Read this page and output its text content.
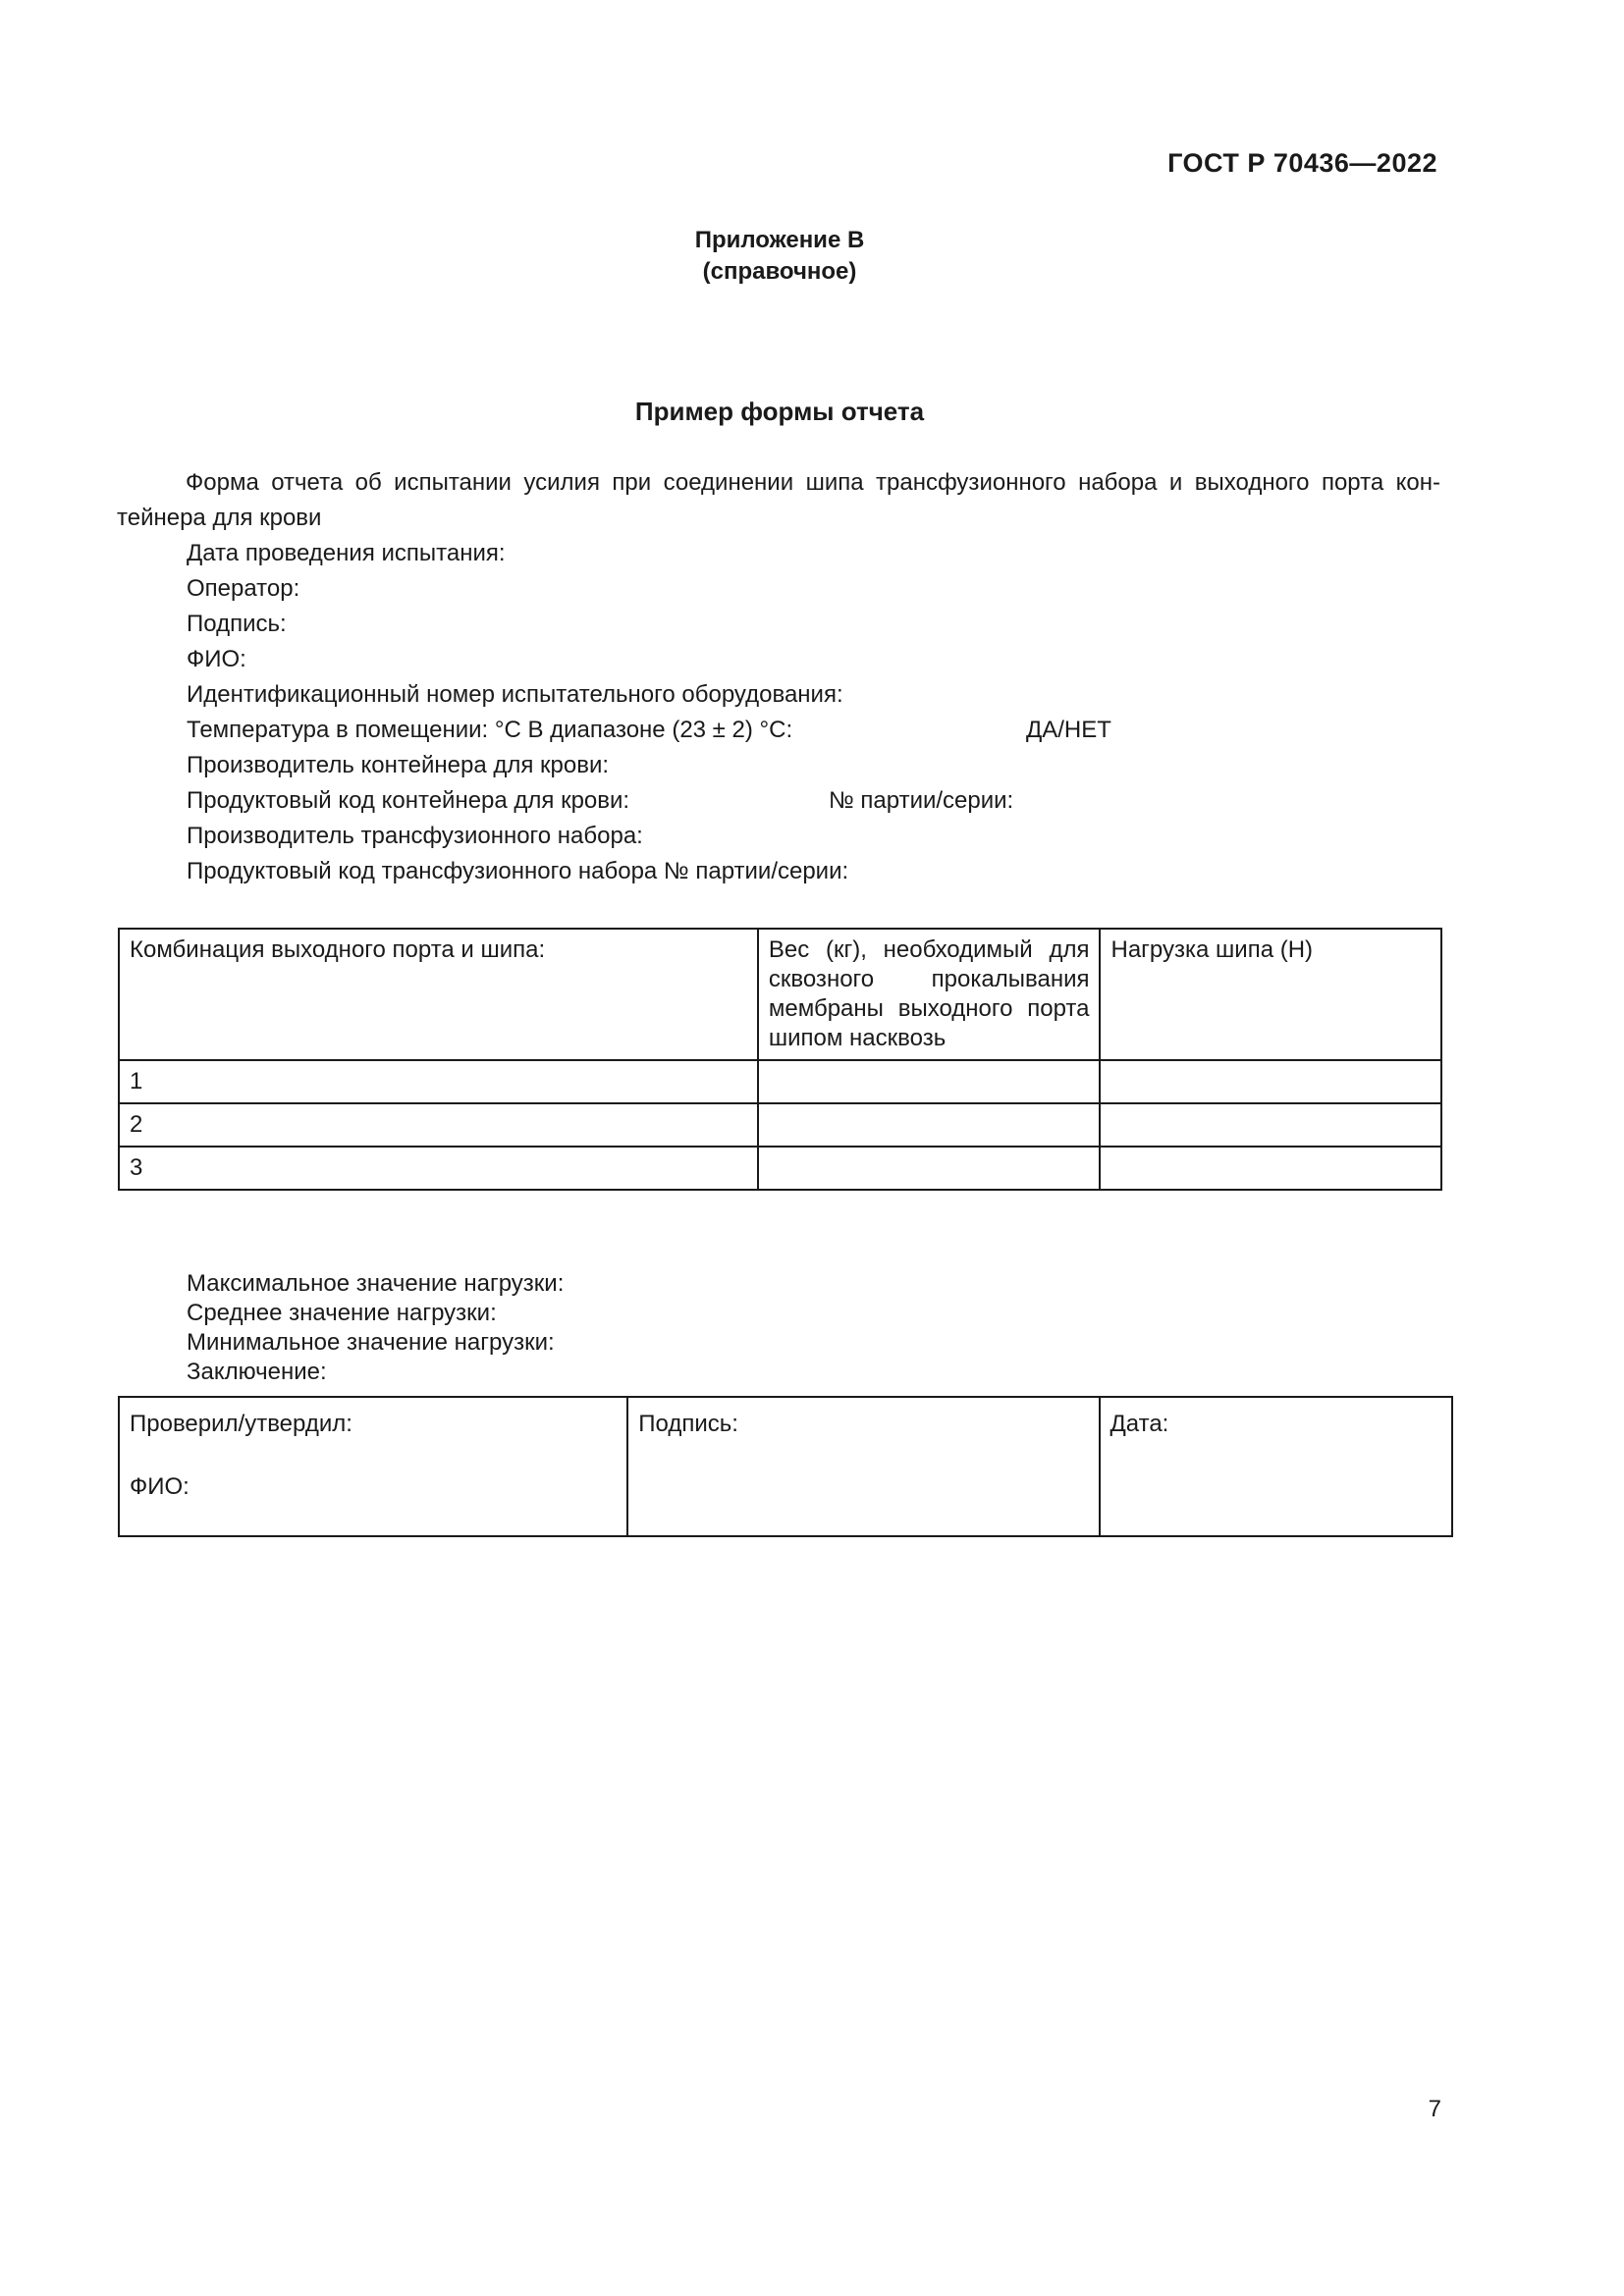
ГОСТ Р 70436—2022
Приложение В
(справочное)
Пример формы отчета
Форма отчета об испытании усилия при соединении шипа трансфузионного набора и выходного порта кон-
тейнера для крови
Дата проведения испытания:
Оператор:
Подпись:
ФИО:
Идентификационный номер испытательного оборудования:
Температура в помещении: °С В диапазоне (23 ± 2) °С:	ДА/НЕТ
Производитель контейнера для крови:
Продуктовый код контейнера для крови:	№ партии/серии:
Производитель трансфузионного набора:
Продуктовый код трансфузионного набора № партии/серии:
Комбинация выходного порта и шипа:	Вес (кг), необходимый для сквозного прокалывания мембраны выходного порта шипом насквозь	Нагрузка шипа (Н)
1		
2		
3		
Максимальное значение нагрузки:
Среднее значение нагрузки:
Минимальное значение нагрузки:
Заключение:
Проверил/утвердил:
ФИО:

Подпись:	Дата:
7
